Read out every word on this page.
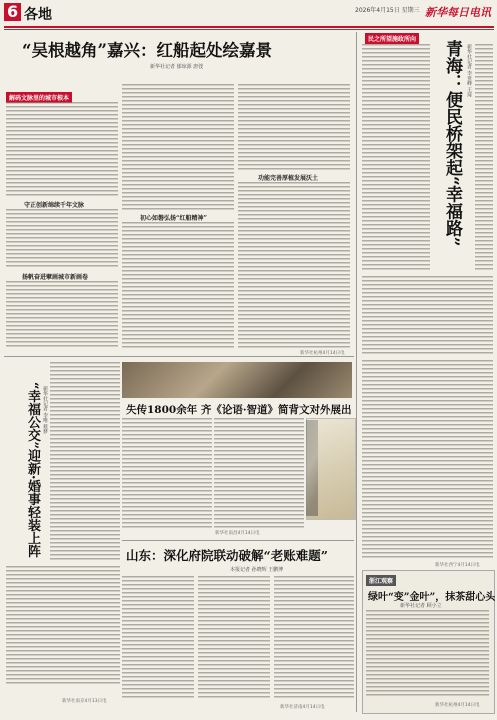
6 各地	2026年4月15日 星期三 新华每日电讯
“吴根越角”嘉兴：红船起处绘嘉景
新华社记者 郁琼源 唐弢
解码文脉里的城市根本
守正创新绵续千年文脉
扬帆奋进擘画城市新画卷
初心如磐弘扬“红船精神”
功能完善厚植发展沃土
新华社杭州4月14日电
民之所望施政所向
青海：便民桥架起“幸福路” 新华社记者 李亚峰 王琦
新华社西宁4月14日电
“幸福公交”迎新·婚事轻装上阵 新华社记者 李唯 蔡梦
新华社南京4月13日电
失传1800余年 齐《论语·智道》简背文对外展出
新华社南昌4月14日电
山东：深化府院联动破解“老账难题”
本报记者 孙晓辉 王鹏博
新华社济南4月14日电
浙江观察
绿叶“变”金叶”，抹茶甜心头
新华社记者 顾小立
新华社杭州4月14日电
